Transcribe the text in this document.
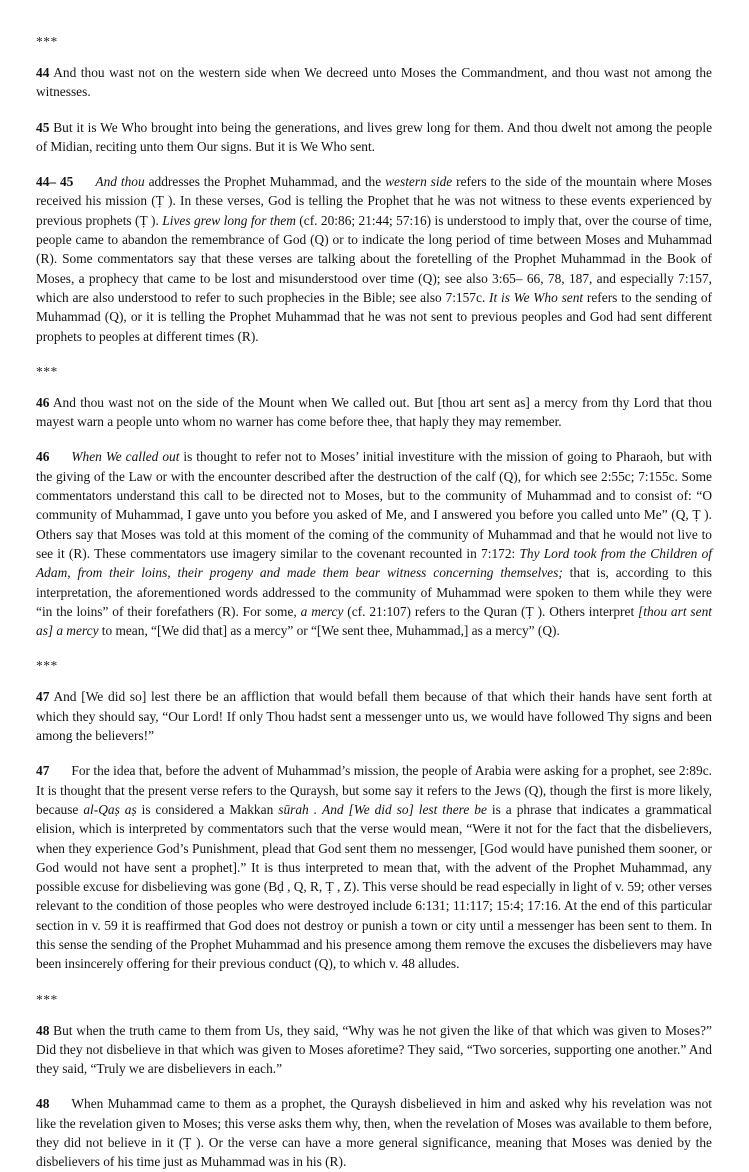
***

44 And thou wast not on the western side when We decreed unto Moses the Commandment, and thou wast not among the witnesses.

45 But it is We Who brought into being the generations, and lives grew long for them. And thou dwelt not among the people of Midian, reciting unto them Our signs. But it is We Who sent.

44– 45 And thou addresses the Prophet Muhammad, and the western side refers to the side of the mountain where Moses received his mission (Ṭ ). In these verses, God is telling the Prophet that he was not witness to these events experienced by previous prophets (Ṭ ). Lives grew long for them (cf. 20:86; 21:44; 57:16) is understood to imply that, over the course of time, people came to abandon the remembrance of God (Q) or to indicate the long period of time between Moses and Muhammad (R). Some commentators say that these verses are talking about the foretelling of the Prophet Muhammad in the Book of Moses, a prophecy that came to be lost and misunderstood over time (Q); see also 3:65– 66, 78, 187, and especially 7:157, which are also understood to refer to such prophecies in the Bible; see also 7:157c. It is We Who sent refers to the sending of Muhammad (Q), or it is telling the Prophet Muhammad that he was not sent to previous peoples and God had sent different prophets to peoples at different times (R).

***

46 And thou wast not on the side of the Mount when We called out. But [thou art sent as] a mercy from thy Lord that thou mayest warn a people unto whom no warner has come before thee, that haply they may remember.

46 When We called out is thought to refer not to Moses’ initial investiture with the mission of going to Pharaoh, but with the giving of the Law or with the encounter described after the destruction of the calf (Q), for which see 2:55c; 7:155c. Some commentators understand this call to be directed not to Moses, but to the community of Muhammad and to consist of: “O community of Muhammad, I gave unto you before you asked of Me, and I answered you before you called unto Me” (Q, Ṭ ). Others say that Moses was told at this moment of the coming of the community of Muhammad and that he would not live to see it (R). These commentators use imagery similar to the covenant recounted in 7:172: Thy Lord took from the Children of Adam, from their loins, their progeny and made them bear witness concerning themselves; that is, according to this interpretation, the aforementioned words addressed to the community of Muhammad were spoken to them while they were “in the loins” of their forefathers (R). For some, a mercy (cf. 21:107) refers to the Quran (Ṭ ). Others interpret [thou art sent as] a mercy to mean, “[We did that] as a mercy” or “[We sent thee, Muhammad,] as a mercy” (Q).

***

47 And [We did so] lest there be an affliction that would befall them because of that which their hands have sent forth at which they should say, “Our Lord! If only Thou hadst sent a messenger unto us, we would have followed Thy signs and been among the believers!”

47 For the idea that, before the advent of Muhammad’s mission, the people of Arabia were asking for a prophet, see 2:89c. It is thought that the present verse refers to the Quraysh, but some say it refers to the Jews (Q), though the first is more likely, because al-Qaṣ aṣ is considered a Makkan sūrah . And [We did so] lest there be is a phrase that indicates a grammatical elision, which is interpreted by commentators such that the verse would mean, “Were it not for the fact that the disbelievers, when they experience God’s Punishment, plead that God sent them no messenger, [God would have punished them sooner, or God would not have sent a prophet].” It is thus interpreted to mean that, with the advent of the Prophet Muhammad, any possible excuse for disbelieving was gone (Bḍ , Q, R, Ṭ , Z). This verse should be read especially in light of v. 59; other verses relevant to the condition of those peoples who were destroyed include 6:131; 11:117; 15:4; 17:16. At the end of this particular section in v. 59 it is reaffirmed that God does not destroy or punish a town or city until a messenger has been sent to them. In this sense the sending of the Prophet Muhammad and his presence among them remove the excuses the disbelievers may have been insincerely offering for their previous conduct (Q), to which v. 48 alludes.

***

48 But when the truth came to them from Us, they said, “Why was he not given the like of that which was given to Moses?” Did they not disbelieve in that which was given to Moses aforetime? They said, “Two sorceries, supporting one another.” And they said, “Truly we are disbelievers in each.”

48 When Muhammad came to them as a prophet, the Quraysh disbelieved in him and asked why his revelation was not like the revelation given to Moses; this verse asks them why, then, when the revelation of Moses was available to them before, they did not believe in it (Ṭ ). Or the verse can have a more general significance, meaning that Moses was denied by the disbelievers of his time just as Muhammad was in his (R).
